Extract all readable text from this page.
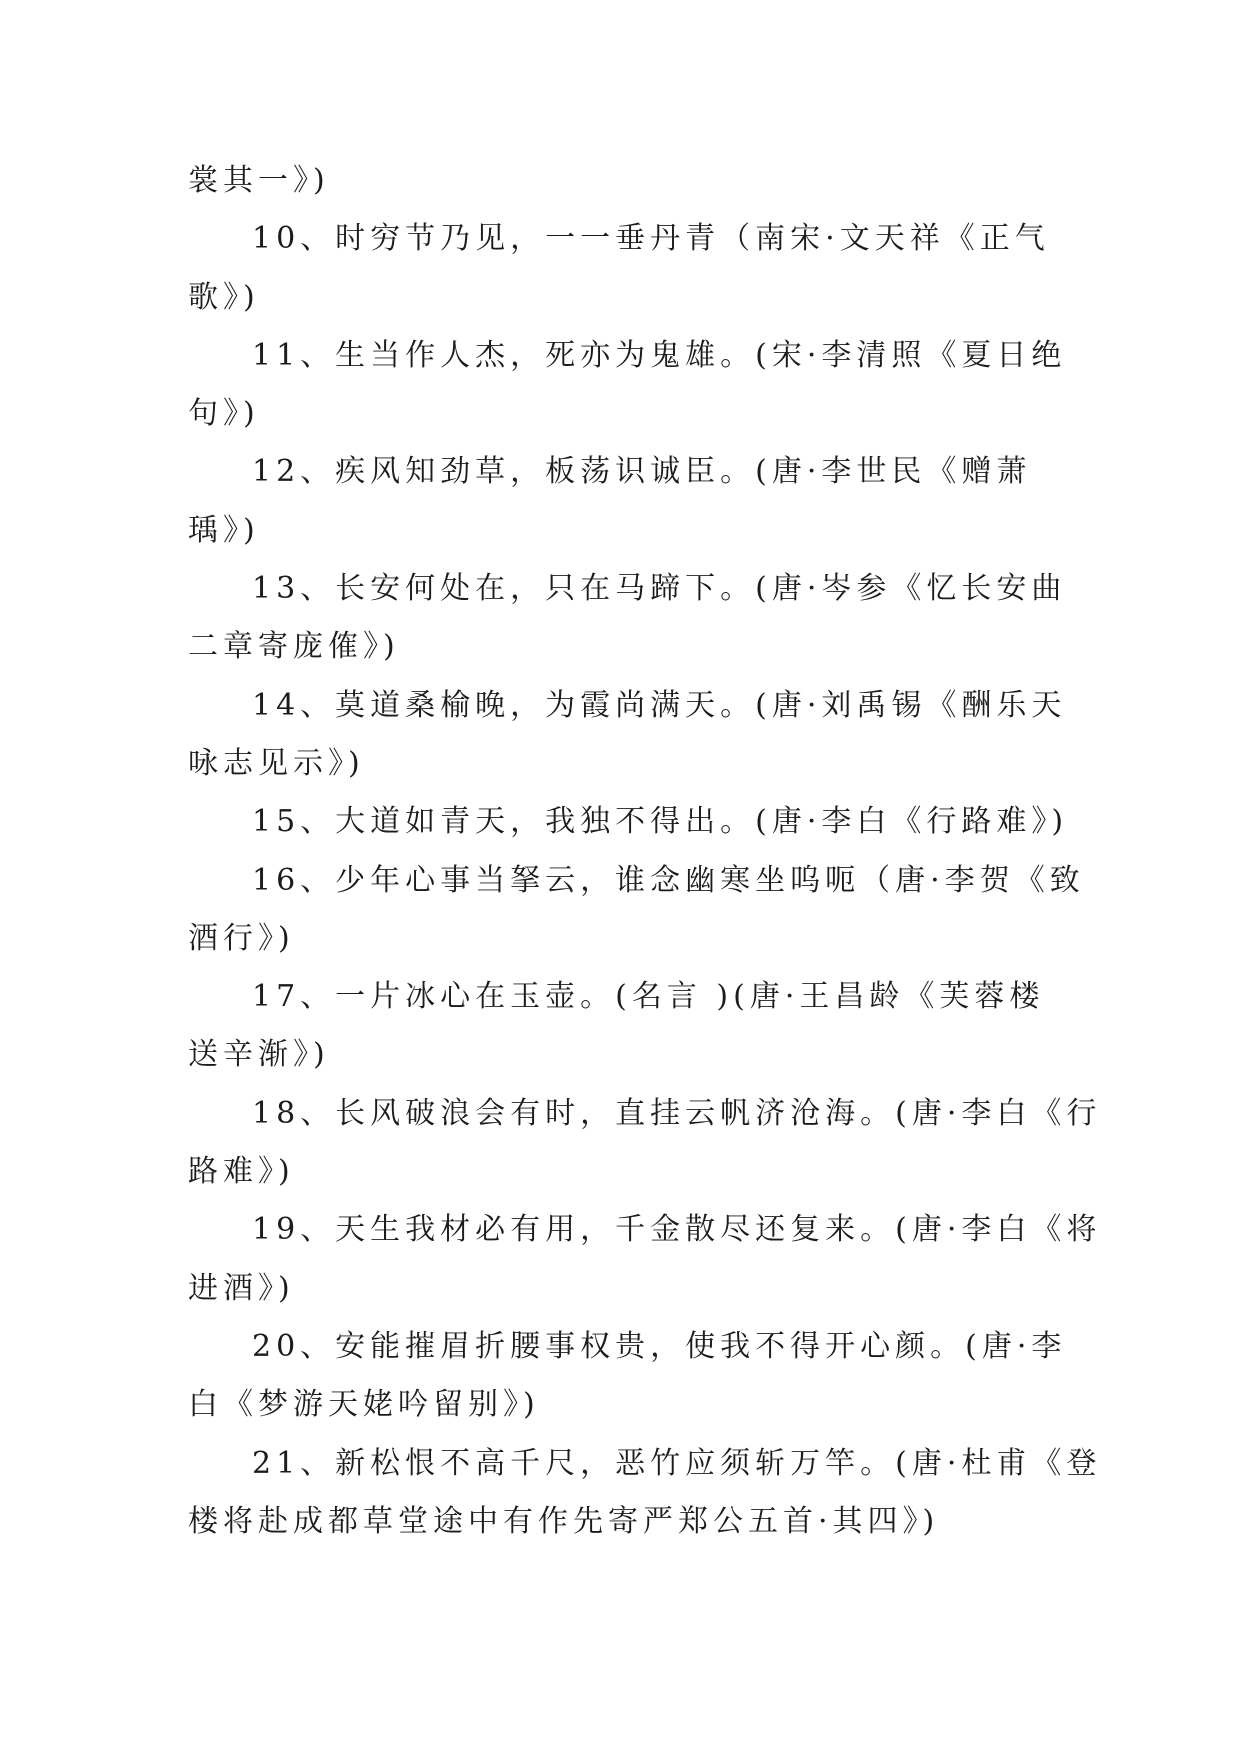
裳其一》)
10、时穷节乃见，一一垂丹青（南宋·文天祥《正气
歌》)
11、生当作人杰，死亦为鬼雄。(宋·李清照《夏日绝
句》)
12、疾风知劲草，板荡识诚臣。(唐·李世民《赠萧
瑀》)
13、长安何处在，只在马蹄下。(唐·岑参《忆长安曲
二章寄庞傕》)
14、莫道桑榆晚，为霞尚满天。(唐·刘禹锡《酬乐天
咏志见示》)
15、大道如青天，我独不得出。(唐·李白《行路难》)
16、少年心事当拏云，谁念幽寒坐呜呃（唐·李贺《致
酒行》)
17、一片冰心在玉壶。(名言 )(唐·王昌龄《芙蓉楼
送辛渐》)
18、长风破浪会有时，直挂云帆济沧海。(唐·李白《行
路难》)
19、天生我材必有用，千金散尽还复来。(唐·李白《将
进酒》)
20、安能摧眉折腰事权贵，使我不得开心颜。(唐·李
白《梦游天姥吟留别》)
21、新松恨不高千尺，恶竹应须斩万竿。(唐·杜甫《登
楼将赴成都草堂途中有作先寄严郑公五首·其四》)
